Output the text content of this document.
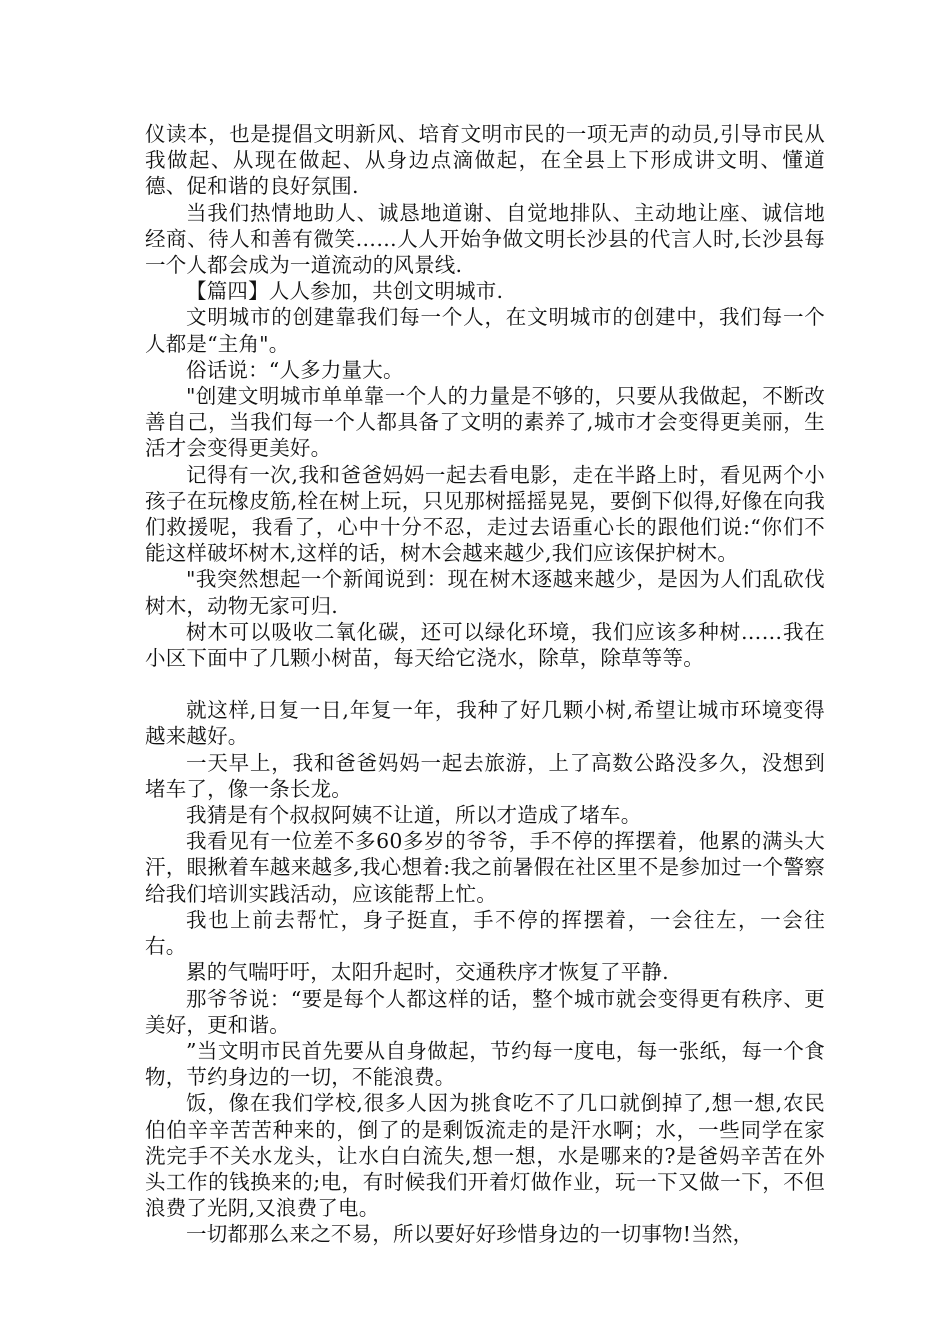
仪读本，也是提倡文明新风、培育文明市民的一项无声的动员,引导市民从我做起、从现在做起、从身边点滴做起，在全县上下形成讲文明、懂道德、促和谐的良好氛围.

当我们热情地助人、诚恳地道谢、自觉地排队、主动地让座、诚信地经商、待人和善有微笑……人人开始争做文明长沙县的代言人时,长沙县每一个人都会成为一道流动的风景线.

【篇四】人人参加，共创文明城市.

文明城市的创建靠我们每一个人，在文明城市的创建中，我们每一个人都是“主角"。

俗话说：“人多力量大。

"创建文明城市单单靠一个人的力量是不够的，只要从我做起，不断改善自己，当我们每一个人都具备了文明的素养了,城市才会变得更美丽，生活才会变得更美好。

记得有一次,我和爸爸妈妈一起去看电影，走在半路上时，看见两个小孩子在玩橡皮筋,栓在树上玩，只见那树摇摇晃晃，要倒下似得,好像在向我们救援呢，我看了，心中十分不忍，走过去语重心长的跟他们说:“你们不能这样破坏树木,这样的话，树木会越来越少,我们应该保护树木。

"我突然想起一个新闻说到：现在树木逐越来越少，是因为人们乱砍伐树木，动物无家可归.

树木可以吸收二氧化碳，还可以绿化环境，我们应该多种树……我在小区下面中了几颗小树苗，每天给它浇水，除草，除草等等。

就这样,日复一日,年复一年，我种了好几颗小树,希望让城市环境变得越来越好。

一天早上，我和爸爸妈妈一起去旅游，上了高数公路没多久，没想到堵车了，像一条长龙。

我猜是有个叔叔阿姨不让道，所以才造成了堵车。

我看见有一位差不多60多岁的爷爷，手不停的挥摆着，他累的满头大汗，眼揪着车越来越多,我心想着:我之前暑假在社区里不是参加过一个警察给我们培训实践活动，应该能帮上忙。

我也上前去帮忙，身子挺直，手不停的挥摆着，一会往左，一会往右。

累的气喘吁吁，太阳升起时，交通秩序才恢复了平静.

那爷爷说：“要是每个人都这样的话，整个城市就会变得更有秩序、更美好，更和谐。

”当文明市民首先要从自身做起，节约每一度电，每一张纸，每一个食物，节约身边的一切，不能浪费。

饭，像在我们学校,很多人因为挑食吃不了几口就倒掉了,想一想,农民伯伯辛辛苦苦种来的，倒了的是剩饭流走的是汗水啊；水，一些同学在家洗完手不关水龙头，让水白白流失,想一想，水是哪来的?是爸妈辛苦在外头工作的钱换来的;电，有时候我们开着灯做作业，玩一下又做一下，不但浪费了光阴,又浪费了电。

一切都那么来之不易，所以要好好珍惜身边的一切事物!当然，
